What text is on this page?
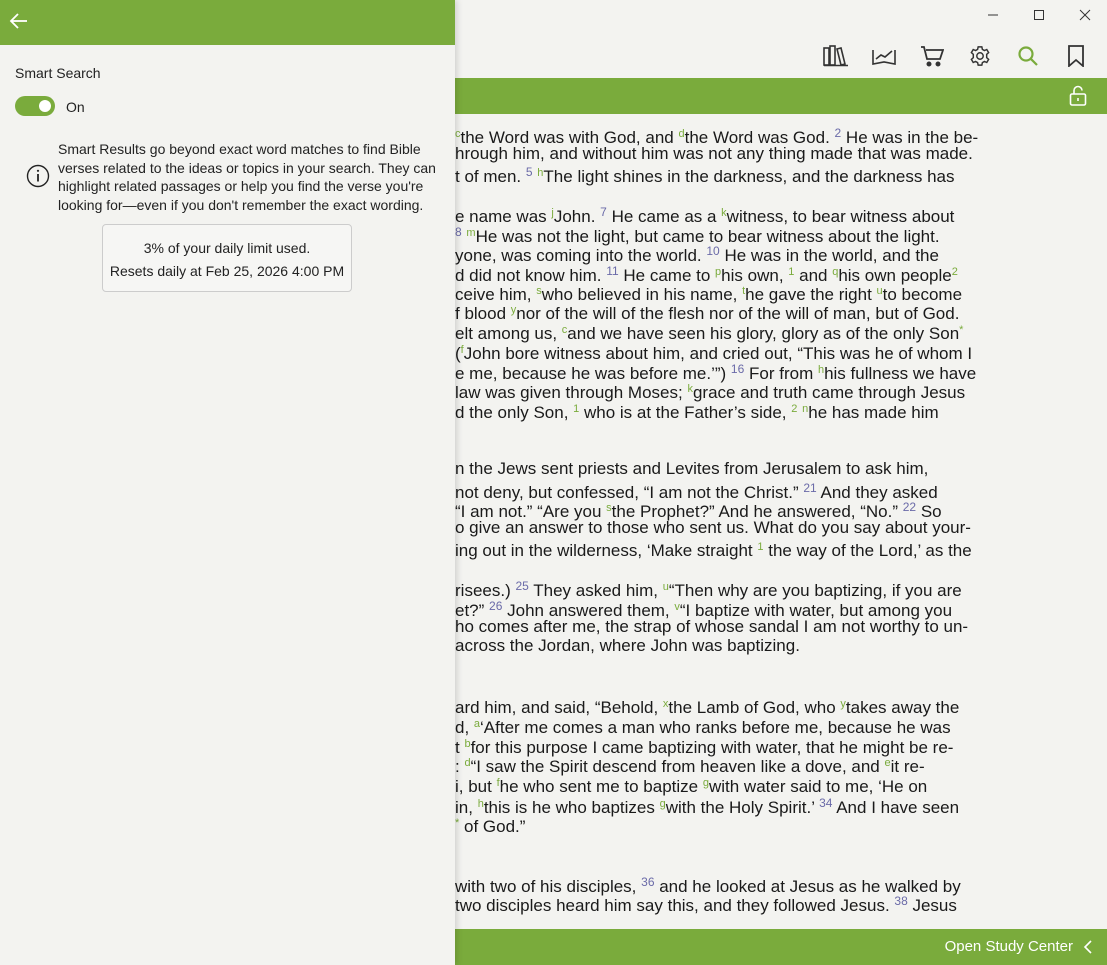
$^c$the Word was with God, and $^d$the Word was God. $^2$ He was in the be-
hrough him, and without him was not any thing made that was made.
t of men. $^5$ $^h$The light shines in the darkness, and the darkness has
e name was $^j$John. $^7$ He came as a $^k$witness, to bear witness about
$^8$ $^m$He was not the light, but came to bear witness about the light.
yone, was coming into the world. $^{10}$ He was in the world, and the
d did not know him. $^{11}$ He came to $^p$his own, $^1$ and $^q$his own people$^2$
ceive him, $^s$who believed in his name, $^t$he gave the right $^u$to become
f blood $^y$nor of the will of the flesh nor of the will of man, but of God.
elt among us, $^c$and we have seen his glory, glory as of the only Son*
($^f$John bore witness about him, and cried out, “This was he of whom I
e me, because he was before me.’”) $^{16}$ For from $^h$his fullness we have
law was given through Moses; $^k$grace and truth came through Jesus
d the only Son, $^1$ who is at the Father’s side, $^2$ $^n$he has made him
n the Jews sent priests and Levites from Jerusalem to ask him,
not deny, but confessed, “I am not the Christ.” $^{21}$ And they asked
“I am not.” “Are you $^s$the Prophet?” And he answered, “No.” $^{22}$ So
o give an answer to those who sent us. What do you say about your-
ing out in the wilderness, ‘Make straight $^1$ the way of the Lord,’ as the
risees.) $^{25}$ They asked him, $^u$“Then why are you baptizing, if you are
et?” $^{26}$ John answered them, $^v$“I baptize with water, but among you
ho comes after me, the strap of whose sandal I am not worthy to un-
across the Jordan, where John was baptizing.
ard him, and said, “Behold, $^x$the Lamb of God, who $^y$takes away the
d, $^a$‘After me comes a man who ranks before me, because he was
t $^b$for this purpose I came baptizing with water, that he might be re-
: $^d$“I saw the Spirit descend from heaven like a dove, and $^e$it re-
i, but $^f$he who sent me to baptize $^g$with water said to me, ‘He on
in, $^h$this is he who baptizes $^g$with the Holy Spirit.’ $^{34}$ And I have seen
* of God.”
with two of his disciples, $^{36}$ and he looked at Jesus as he walked by
two disciples heard him say this, and they followed Jesus. $^{38}$ Jesus
Open Study Center
Smart Search
On
Smart Results go beyond exact word matches to find Bible
verses related to the ideas or topics in your search. They can
highlight related passages or help you find the verse you're
looking for—even if you don't remember the exact wording.
3% of your daily limit used.
Resets daily at Feb 25, 2026 4:00 PM
